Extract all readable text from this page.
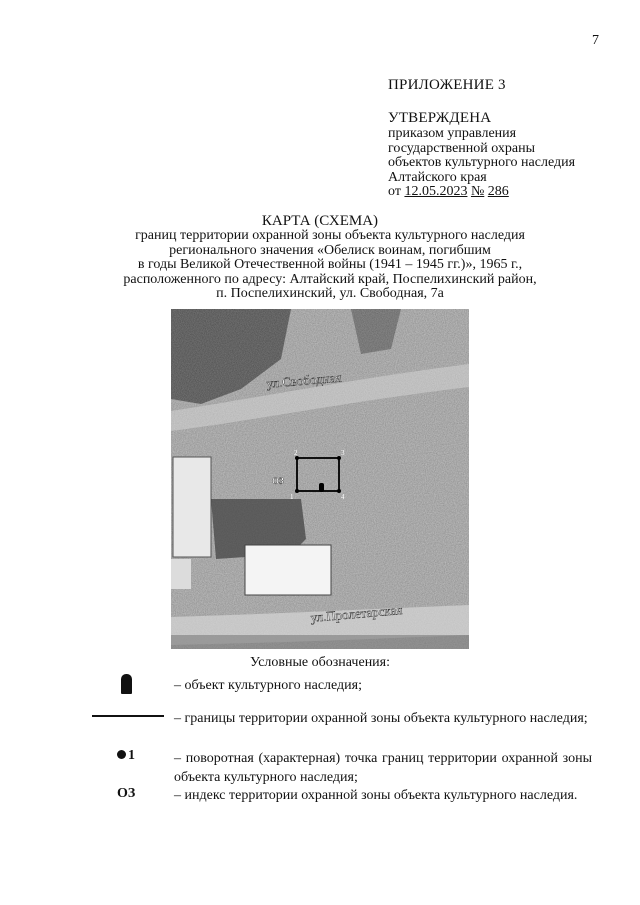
7
ПРИЛОЖЕНИЕ 3
УТВЕРЖДЕНА
приказом управления
государственной охраны
объектов культурного наследия
Алтайского края
от 12.05.2023 № 286
КАРТА (СХЕМА)
границ территории охранной зоны объекта культурного наследия
регионального значения «Обелиск воинам, погибшим
в годы Великой Отечественной войны (1941 – 1945 гг.)», 1965 г.,
расположенного по адресу: Алтайский край, Поспелихинский район,
п. Поспелихинский, ул. Свободная, 7а
ул.Свободная
ул.Пролетарская
ОЗ
2	3
4
1
Условные обозначения:
1
ОЗ
– объект культурного наследия;
– границы территории охранной зоны объекта культурного наследия;
– поворотная (характерная) точка границ территории охранной зоны объекта культурного наследия;
– индекс территории охранной зоны объекта культурного наследия.
